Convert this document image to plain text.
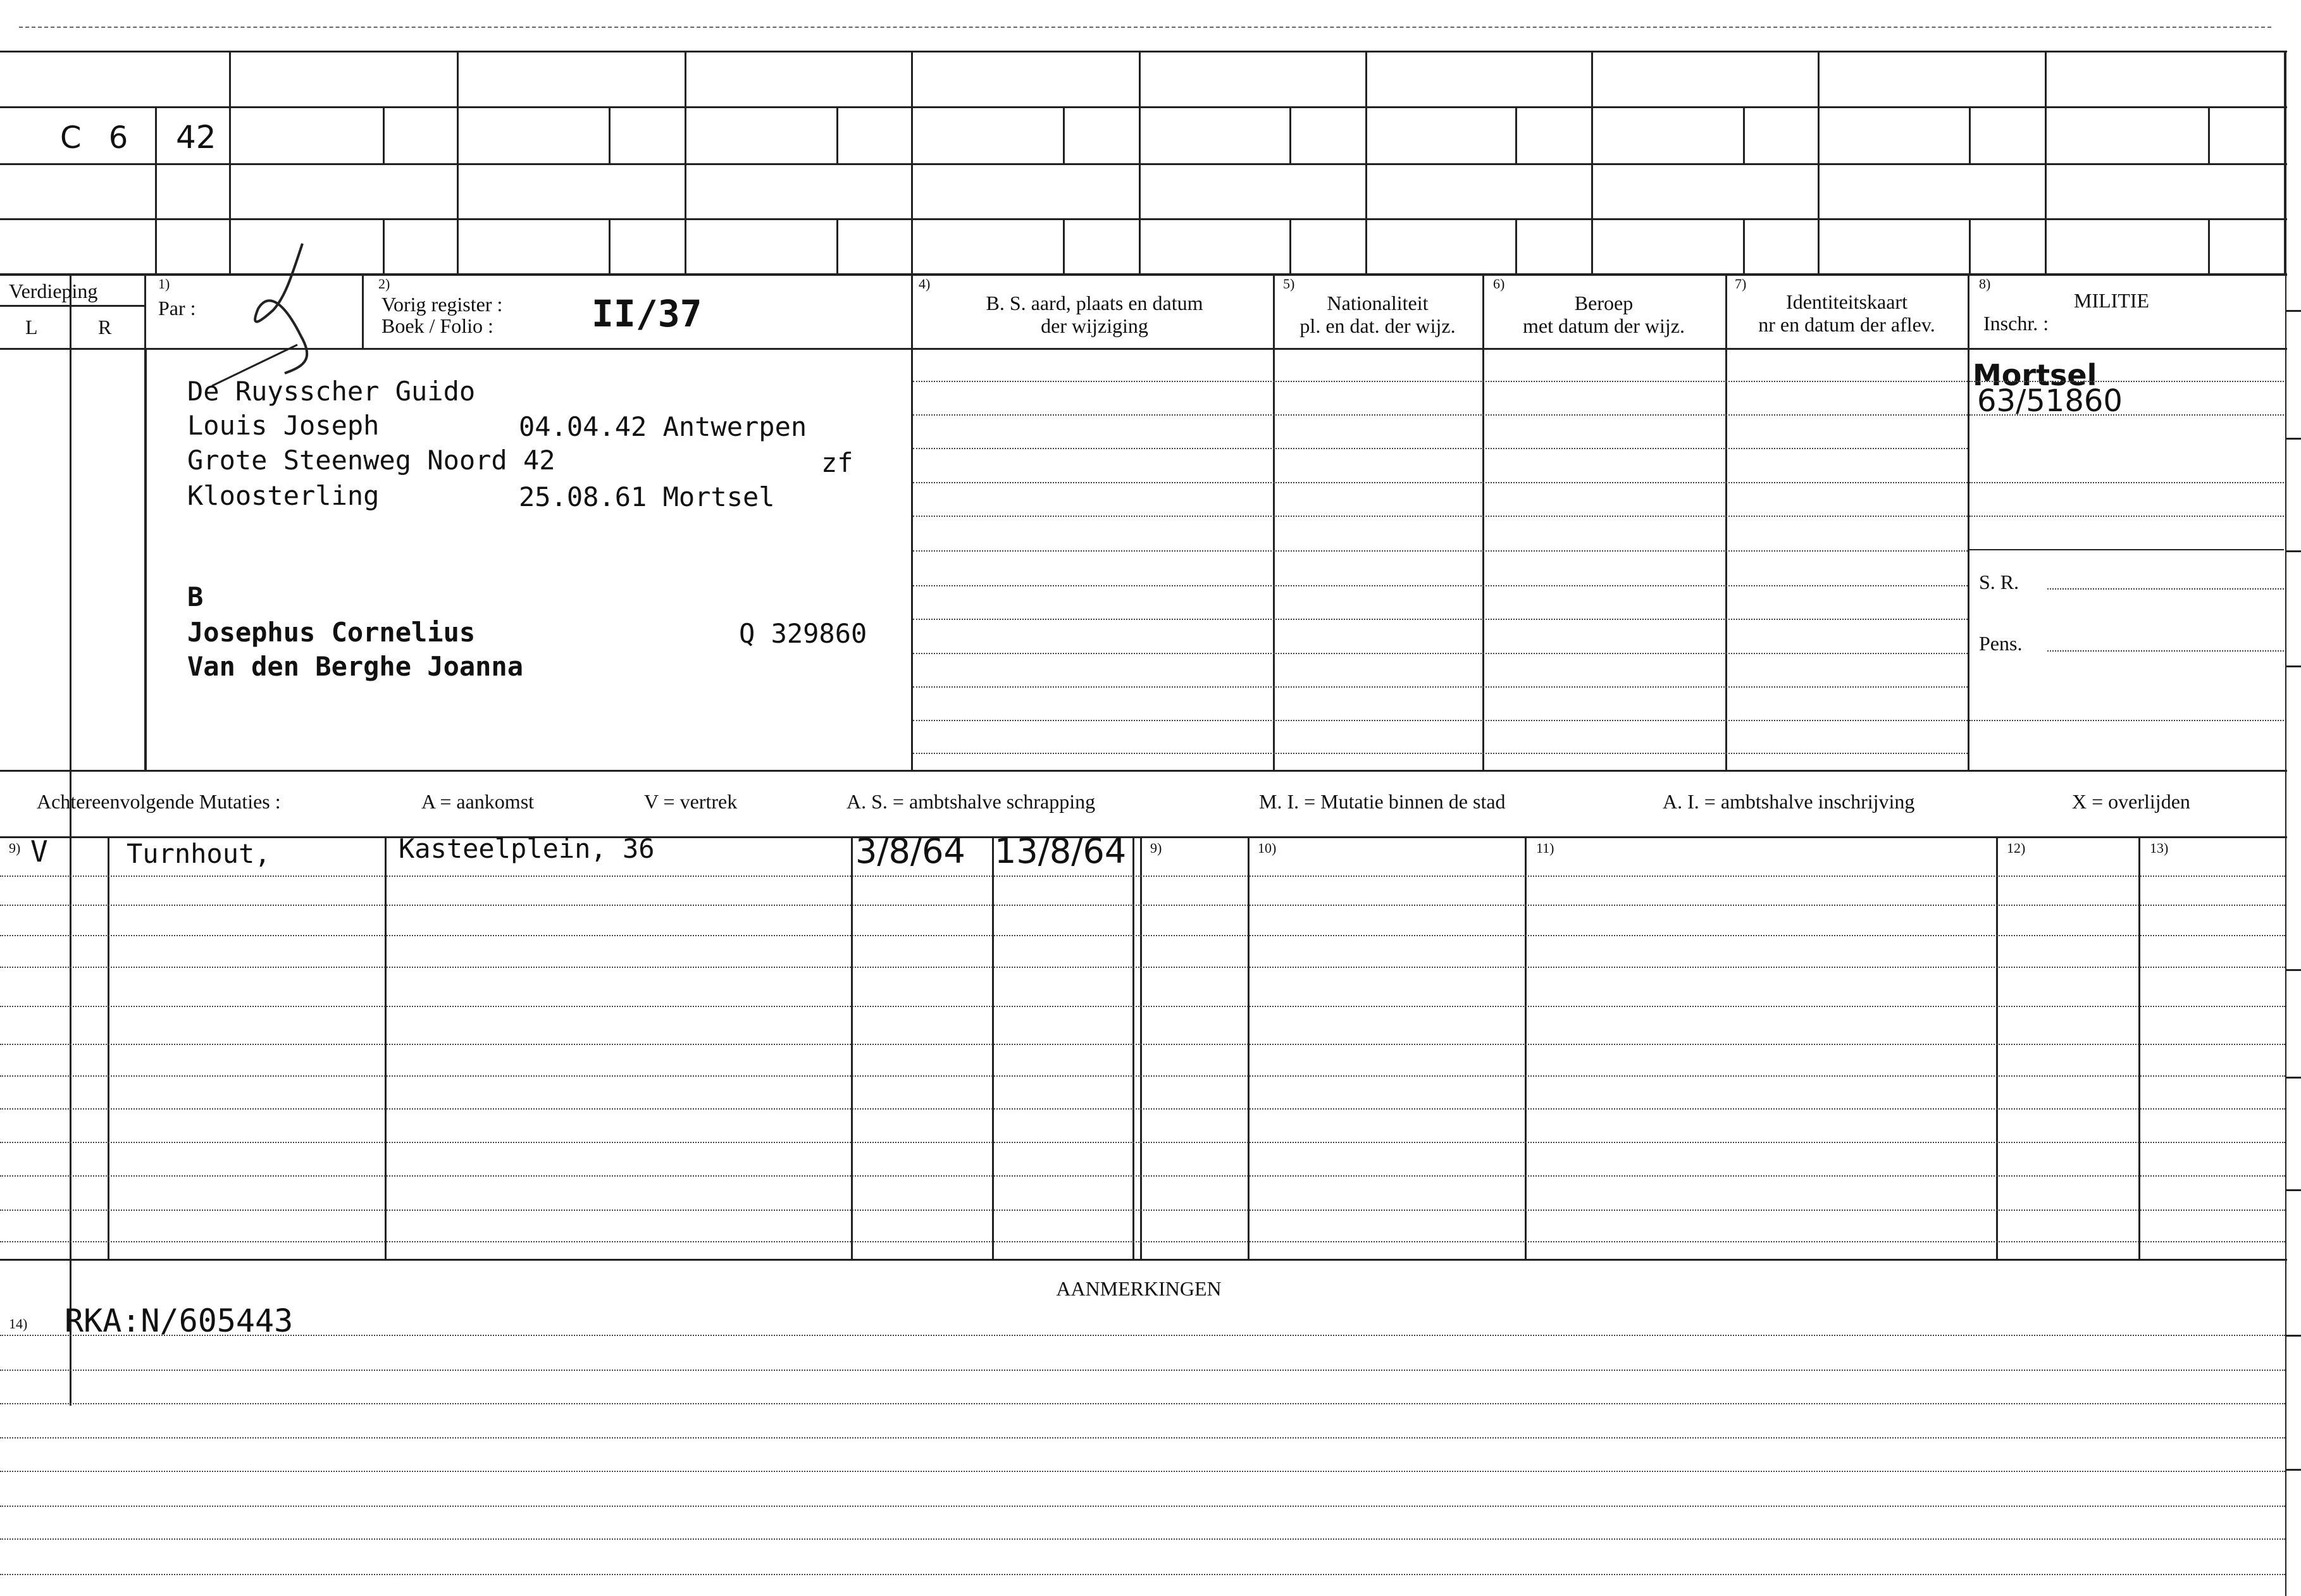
C 6 42
Verdieping
L	R
1)
Par :
2)
Vorig register :
Boek / Folio :	II/37
4)
B. S. aard, plaats en datum
der wijziging
5)
Nationaliteit
pl. en dat. der wijz.
6)
Beroep
met datum der wijz.
7)
Identiteitskaart
nr en datum der aflev.
8)
MILITIE
Inschr. :
De Ruysscher Guido
Louis Joseph	04.04.42 Antwerpen
Grote Steenweg Noord 42	zf
Kloosterling	25.08.61 Mortsel
B
Josephus Cornelius	Q 329860
Van den Berghe Joanna
Mortsel
63/51860
S. R.
Pens.
Achtereenvolgende Mutaties :	A = aankomst	V = vertrek	A. S. = ambtshalve schrapping	M. I. = Mutatie binnen de stad	A. I. = ambtshalve inschrijving	X = overlijden
9)	9)	10)	11)	12)	13)
V	Turnhout,	Kasteelplein, 36	3/8/64 13/8/64
AANMERKINGEN
14) RKA:N/605443
